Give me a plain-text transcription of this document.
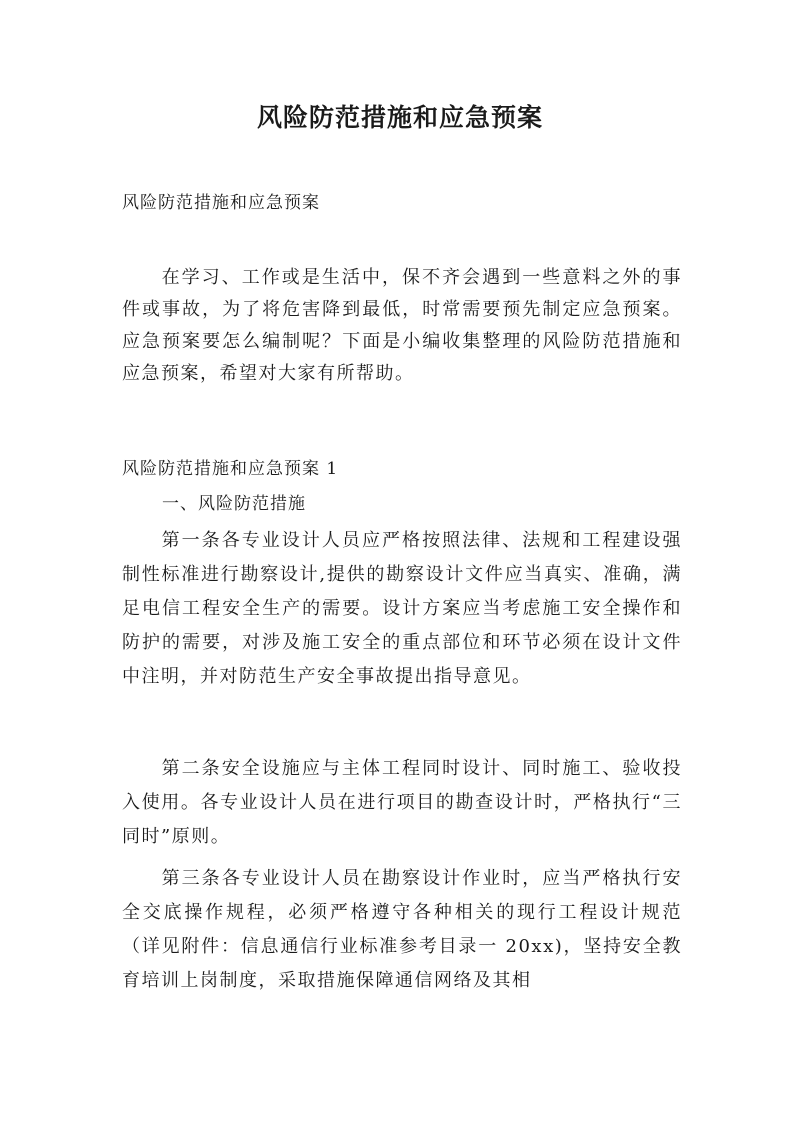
风险防范措施和应急预案
风险防范措施和应急预案

在学习、工作或是生活中，保不齐会遇到一些意料之外的事件或事故，为了将危害降到最低，时常需要预先制定应急预案。应急预案要怎么编制呢？下面是小编收集整理的风险防范措施和应急预案，希望对大家有所帮助。

风险防范措施和应急预案 1
一、风险防范措施

第一条各专业设计人员应严格按照法律、法规和工程建设强制性标准进行勘察设计,提供的勘察设计文件应当真实、准确，满足电信工程安全生产的需要。设计方案应当考虑施工安全操作和防护的需要，对涉及施工安全的重点部位和环节必须在设计文件中注明，并对防范生产安全事故提出指导意见。

第二条安全设施应与主体工程同时设计、同时施工、验收投入使用。各专业设计人员在进行项目的勘查设计时，严格执行“三同时”原则。

第三条各专业设计人员在勘察设计作业时，应当严格执行安全交底操作规程，必须严格遵守各种相关的现行工程设计规范（详见附件：信息通信行业标准参考目录一 20xx)，坚持安全教育培训上岗制度，采取措施保障通信网络及其相
